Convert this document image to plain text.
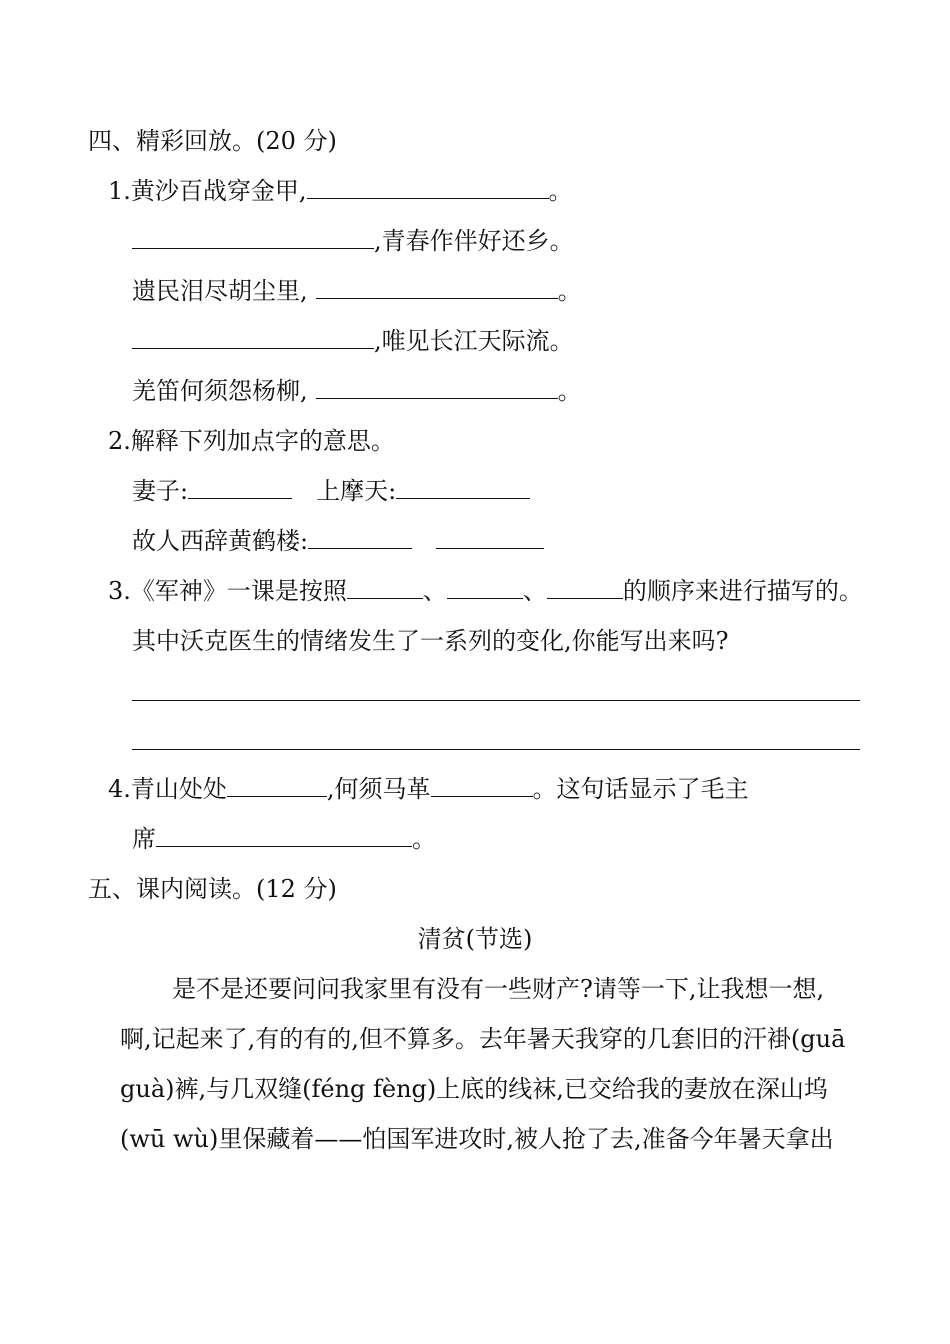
四、精彩回放。(20 分)
1.黄沙百战穿金甲,	。
,青春作伴好还乡。
遗民泪尽胡尘里,	。
,唯见长江天际流。
羌笛何须怨杨柳,	。
2.解释下列加点字的意思。
妻子:	上摩天:
故人西辞黄鹤楼:
3.《军神》一课是按照	、	、	的顺序来进行描写的。
其中沃克医生的情绪发生了一系列的变化,你能写出来吗?
4.青山处处	,何须马革	。这句话显示了毛主
席	。
五、课内阅读。(12 分)
清贫(节选)
是不是还要问问我家里有没有一些财产?请等一下,让我想一想,
啊,记起来了,有的有的,但不算多。去年暑天我穿的几套旧的汗褂(guā
guà)裤,与几双缝(féng fèng)上底的线袜,已交给我的妻放在深山坞
(wū wù)里保藏着——怕国军进攻时,被人抢了去,准备今年暑天拿出
